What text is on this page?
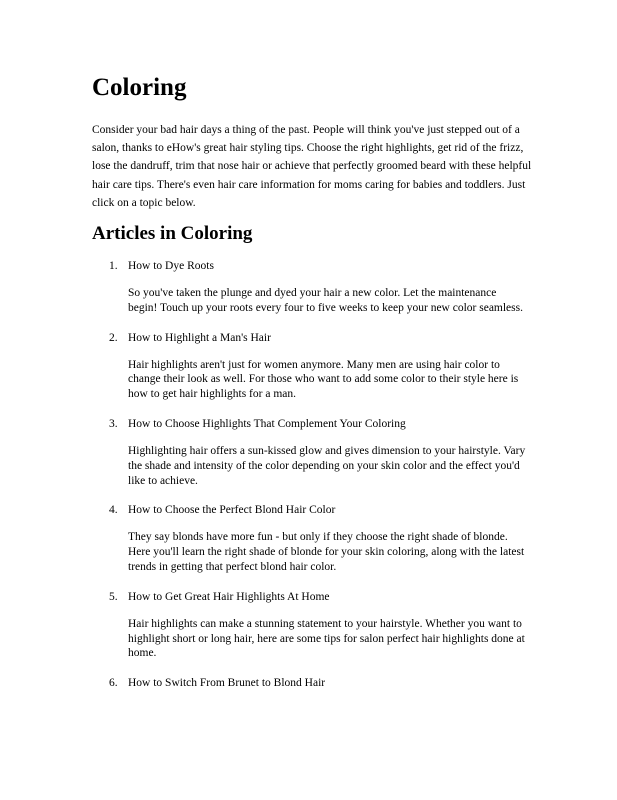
Coloring

Consider your bad hair days a thing of the past. People will think you've just stepped out of a salon, thanks to eHow's great hair styling tips. Choose the right highlights, get rid of the frizz, lose the dandruff, trim that nose hair or achieve that perfectly groomed beard with these helpful hair care tips. There's even hair care information for moms caring for babies and toddlers. Just click on a topic below.

Articles in Coloring
1. How to Dye Roots

So you've taken the plunge and dyed your hair a new color. Let the maintenance begin! Touch up your roots every four to five weeks to keep your new color seamless.

2. How to Highlight a Man's Hair

Hair highlights aren't just for women anymore. Many men are using hair color to change their look as well. For those who want to add some color to their style here is how to get hair highlights for a man.

3. How to Choose Highlights That Complement Your Coloring

Highlighting hair offers a sun-kissed glow and gives dimension to your hairstyle. Vary the shade and intensity of the color depending on your skin color and the effect you'd like to achieve.

4. How to Choose the Perfect Blond Hair Color

They say blonds have more fun - but only if they choose the right shade of blonde. Here you'll learn the right shade of blonde for your skin coloring, along with the latest trends in getting that perfect blond hair color.

5. How to Get Great Hair Highlights At Home

Hair highlights can make a stunning statement to your hairstyle. Whether you want to highlight short or long hair, here are some tips for salon perfect hair highlights done at home.

6. How to Switch From Brunet to Blond Hair
